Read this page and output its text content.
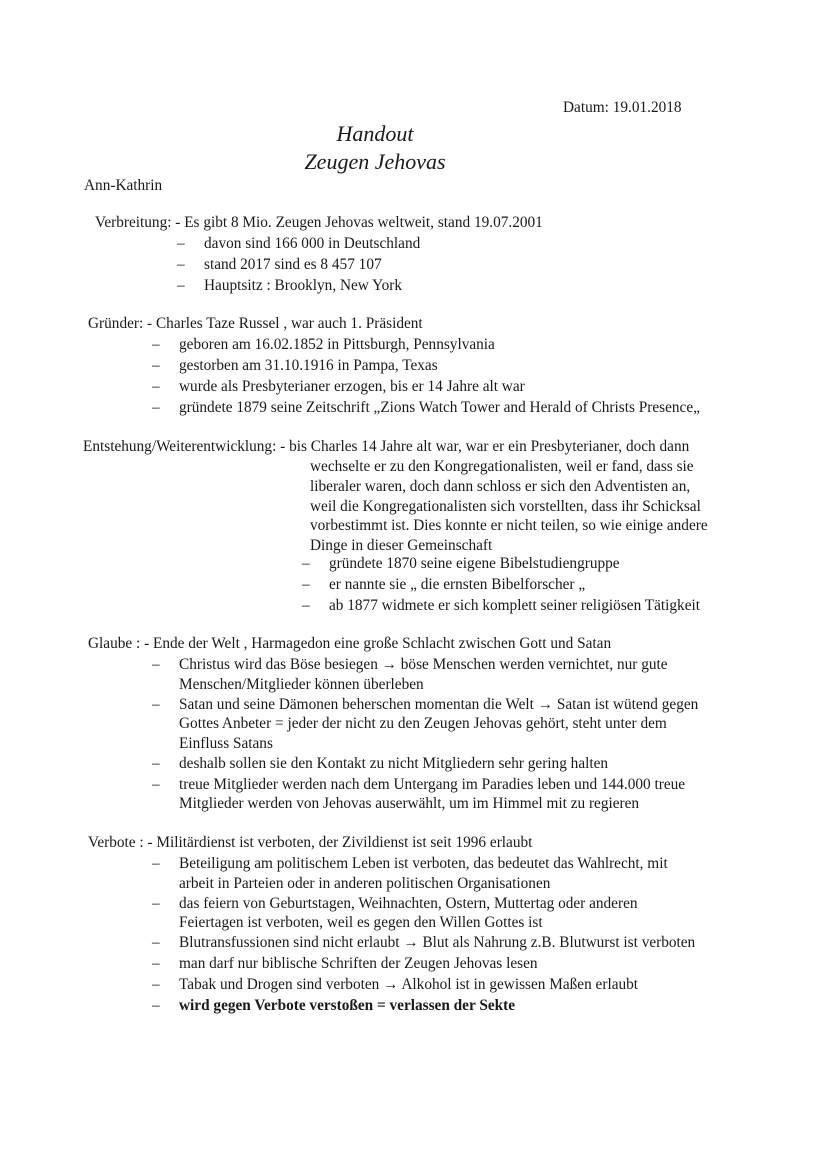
Datum: 19.01.2018
Handout
Zeugen Jehovas
Ann-Kathrin
Verbreitung: - Es gibt 8 Mio. Zeugen Jehovas weltweit, stand 19.07.2001
– davon sind 166 000 in Deutschland
– stand 2017 sind es 8 457 107
– Hauptsitz : Brooklyn, New York
Gründer: - Charles Taze Russel , war auch 1. Präsident
– geboren am 16.02.1852 in Pittsburgh, Pennsylvania
– gestorben am 31.10.1916 in Pampa, Texas
– wurde als Presbyterianer erzogen, bis er 14 Jahre alt war
– gründete 1879 seine Zeitschrift „Zions Watch Tower and Herald of Christs Presence„
Entstehung/Weiterentwicklung: - bis Charles 14 Jahre alt war, war er ein Presbyterianer, doch dann
wechselte er zu den Kongregationalisten, weil er fand, dass sie
liberaler waren, doch dann schloss er sich den Adventisten an,
weil die Kongregationalisten sich vorstellten, dass ihr Schicksal
vorbestimmt ist. Dies konnte er nicht teilen, so wie einige andere
Dinge in dieser Gemeinschaft
– gründete 1870 seine eigene Bibelstudiengruppe
– er nannte sie „ die ernsten Bibelforscher „
– ab 1877 widmete er sich komplett seiner religiösen Tätigkeit
Glaube : - Ende der Welt , Harmagedon eine große Schlacht zwischen Gott und Satan
– Christus wird das Böse besiegen → böse Menschen werden vernichtet, nur gute
Menschen/Mitglieder können überleben
– Satan und seine Dämonen beherschen momentan die Welt → Satan ist wütend gegen
Gottes Anbeter = jeder der nicht zu den Zeugen Jehovas gehört, steht unter dem
Einfluss Satans
– deshalb sollen sie den Kontakt zu nicht Mitgliedern sehr gering halten
– treue Mitglieder werden nach dem Untergang im Paradies leben und 144.000 treue
Mitglieder werden von Jehovas auserwählt, um im Himmel mit zu regieren
Verbote : - Militärdienst ist verboten, der Zivildienst ist seit 1996 erlaubt
– Beteiligung am politischem Leben ist verboten, das bedeutet das Wahlrecht, mit
arbeit in Parteien oder in anderen politischen Organisationen
– das feiern von Geburtstagen, Weihnachten, Ostern, Muttertag oder anderen
Feiertagen ist verboten, weil es gegen den Willen Gottes ist
– Blutransfussionen sind nicht erlaubt → Blut als Nahrung z.B. Blutwurst ist verboten
– man darf nur biblische Schriften der Zeugen Jehovas lesen
– Tabak und Drogen sind verboten → Alkohol ist in gewissen Maßen erlaubt
– wird gegen Verbote verstoßen = verlassen der Sekte
